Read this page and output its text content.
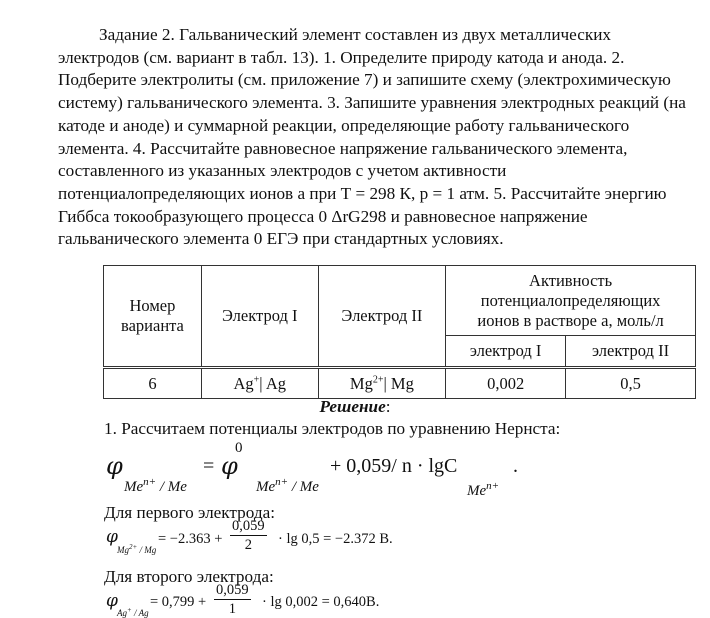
Задание 2. Гальванический элемент составлен из двух металлических электродов (см. вариант в табл. 13). 1. Определите природу катода и анода. 2. Подберите электролиты (см. приложение 7) и запишите схему (электрохимическую систему) гальванического элемента. 3. Запишите уравнения электродных реакций (на катоде и аноде) и суммарной реакции, определяющие работу гальванического элемента. 4. Рассчитайте равновесное напряжение гальванического элемента, составленного из указанных электродов с учетом активности потенциалопределяющих ионов а при Т = 298 К, р = 1 атм. 5. Рассчитайте энергию Гиббса токообразующего процесса 0 ΔrG298 и равновесное напряжение гальванического элемента 0 ЕГЭ при стандартных условиях.

Номер варианта	Электрод I	Электрод II	Активность потенциалопределяющих ионов в растворе a, моль/л	
			электрод I	электрод II
6	Ag+| Ag	$Mg^{2+}|$ Mg	0,002	0,5
Решение:
1. Рассчитаем потенциалы электродов по уравнению Нернста:
φ
$Me^{n+}$ / Me
= φ
0
$Me^{n+}$ / Me
+ 0,059/ n · lgC
$Me^{n+}$
.
Для первого электрода:
φ
$Mg^{2+}$ / Mg
= $-2.363 + \frac{0,059}{2} \cdot \lg 0,5 = -2.372$ B.
Для второго электрода:
φ
Ag+ / Ag
= $0,799 + \frac{0,059}{1} \cdot \lg 0,002 = 0,640B$.
